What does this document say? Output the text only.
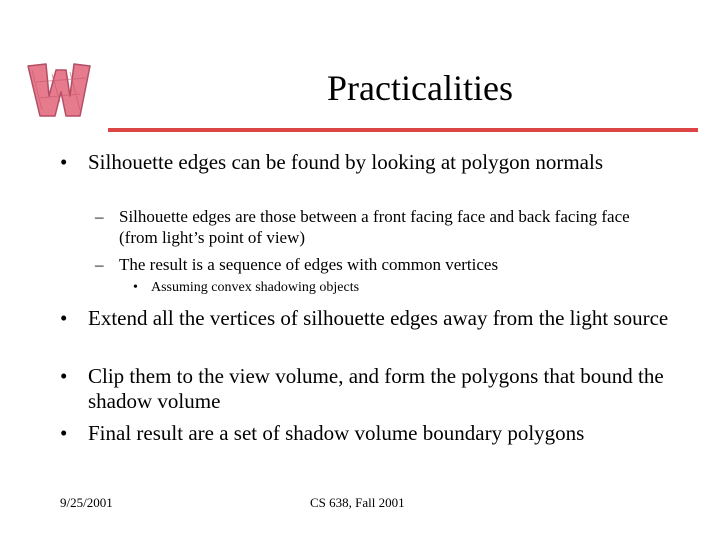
Practicalities
• Silhouette edges can be found by looking at polygon normals
– Silhouette edges are those between a front facing face and back facing face (from light’s point of view)
– The result is a sequence of edges with common vertices
• Assuming convex shadowing objects
• Extend all the vertices of silhouette edges away from the light source
• Clip them to the view volume, and form the polygons that bound the shadow volume
• Final result are a set of shadow volume boundary polygons
9/25/2001	CS 638, Fall 2001
